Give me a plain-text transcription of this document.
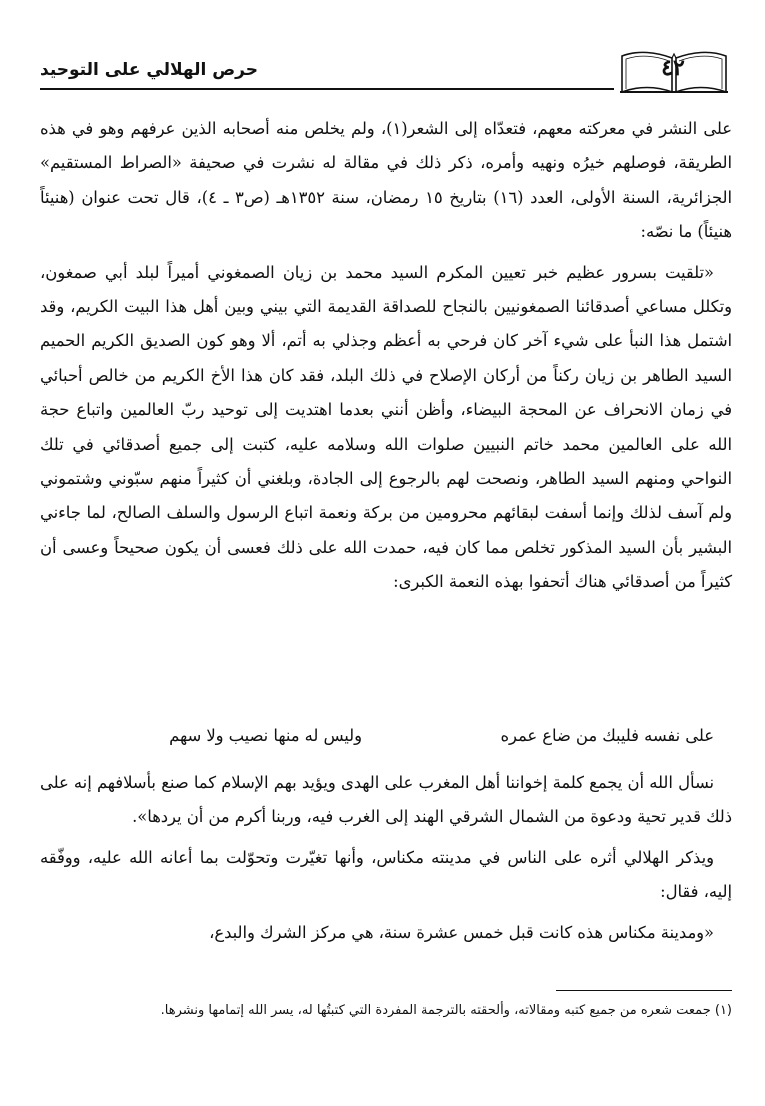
حرص الهلالي على التوحيد	٤٢

على النشر في معركته معهم، فتعدّاه إلى الشعر(١)، ولم يخلص منه أصحابه الذين عرفهم وهو في هذه الطريقة، فوصلهم خيرُه ونهيه وأمره، ذكر ذلك في مقالة له نشرت في صحيفة «الصراط المستقيم» الجزائرية، السنة الأولى، العدد (١٦) بتاريخ ١٥ رمضان، سنة ١٣٥٢هـ (ص٣ ـ ٤)، قال تحت عنوان (هنيئاً هنيئاً) ما نصّه:

«تلقيت بسرور عظيم خبر تعيين المكرم السيد محمد بن زيان الصمغوني أميراً لبلد أبي صمغون، وتكلل مساعي أصدقائنا الصمغونيين بالنجاح للصداقة القديمة التي بيني وبين أهل هذا البيت الكريم، وقد اشتمل هذا النبأ على شيء آخر كان فرحي به أعظم وجذلي به أتم، ألا وهو كون الصديق الكريم الحميم السيد الطاهر بن زيان ركناً من أركان الإصلاح في ذلك البلد، فقد كان هذا الأخ الكريم من خالص أحبائي في زمان الانحراف عن المحجة البيضاء، وأظن أنني بعدما اهتديت إلى توحيد ربّ العالمين واتباع حجة الله على العالمين محمد خاتم النبيين صلوات الله وسلامه عليه، كتبت إلى جميع أصدقائي في تلك النواحي ومنهم السيد الطاهر، ونصحت لهم بالرجوع إلى الجادة، وبلغني أن كثيراً منهم سبّوني وشتموني ولم آسف لذلك وإنما أسفت لبقائهم محرومين من بركة ونعمة اتباع الرسول والسلف الصالح، لما جاءني البشير بأن السيد المذكور تخلص مما كان فيه، حمدت الله على ذلك فعسى أن يكون صحيحاً وعسى أن كثيراً من أصدقائي هناك أتحفوا بهذه النعمة الكبرى:

على نفسه فليبك من ضاع عمره
وليس له منها نصيب ولا سهم

نسأل الله أن يجمع كلمة إخواننا أهل المغرب على الهدى ويؤيد بهم الإسلام كما صنع بأسلافهم إنه على ذلك قدير تحية ودعوة من الشمال الشرقي الهند إلى الغرب فيه، وربنا أكرم من أن يردها».

ويذكر الهلالي أثره على الناس في مدينته مكناس، وأنها تغيّرت وتحوّلت بما أعانه الله عليه، ووفّقه إليه، فقال:

«ومدينة مكناس هذه كانت قبل خمس عشرة سنة، هي مركز الشرك والبدع،

(١) جمعت شعره من جميع كتبه ومقالاته، وألحقته بالترجمة المفردة التي كتبتُها له، يسر الله إتمامها ونشرها.
